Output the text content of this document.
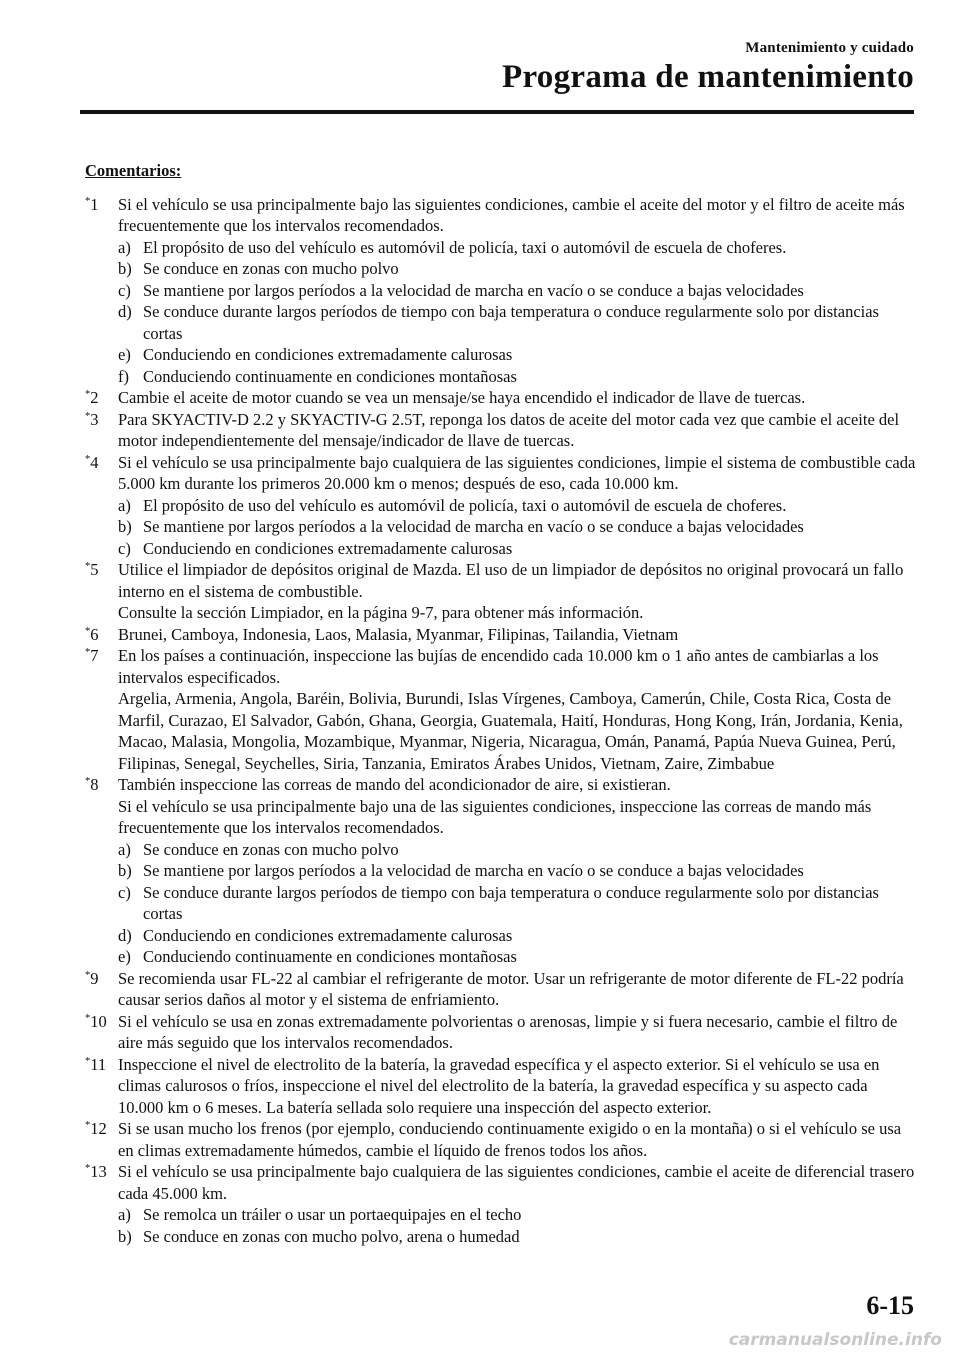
Mantenimiento y cuidado
Programa de mantenimiento
Comentarios:
*1	Si el vehículo se usa principalmente bajo las siguientes condiciones, cambie el aceite del motor y el filtro de aceite más frecuentemente que los intervalos recomendados.
a) El propósito de uso del vehículo es automóvil de policía, taxi o automóvil de escuela de choferes.
b) Se conduce en zonas con mucho polvo
c) Se mantiene por largos períodos a la velocidad de marcha en vacío o se conduce a bajas velocidades
d) Se conduce durante largos períodos de tiempo con baja temperatura o conduce regularmente solo por distancias cortas
e) Conduciendo en condiciones extremadamente calurosas
f) Conduciendo continuamente en condiciones montañosas
*2	Cambie el aceite de motor cuando se vea un mensaje/se haya encendido el indicador de llave de tuercas.
*3	Para SKYACTIV-D 2.2 y SKYACTIV-G 2.5T, reponga los datos de aceite del motor cada vez que cambie el aceite del motor independientemente del mensaje/indicador de llave de tuercas.
*4	Si el vehículo se usa principalmente bajo cualquiera de las siguientes condiciones, limpie el sistema de combustible cada 5.000 km durante los primeros 20.000 km o menos; después de eso, cada 10.000 km.
a) El propósito de uso del vehículo es automóvil de policía, taxi o automóvil de escuela de choferes.
b) Se mantiene por largos períodos a la velocidad de marcha en vacío o se conduce a bajas velocidades
c) Conduciendo en condiciones extremadamente calurosas
*5	Utilice el limpiador de depósitos original de Mazda. El uso de un limpiador de depósitos no original provocará un fallo interno en el sistema de combustible.
Consulte la sección Limpiador, en la página 9-7, para obtener más información.
*6	Brunei, Camboya, Indonesia, Laos, Malasia, Myanmar, Filipinas, Tailandia, Vietnam
*7	En los países a continuación, inspeccione las bujías de encendido cada 10.000 km o 1 año antes de cambiarlas a los intervalos especificados.
Argelia, Armenia, Angola, Baréin, Bolivia, Burundi, Islas Vírgenes, Camboya, Camerún, Chile, Costa Rica, Costa de Marfil, Curazao, El Salvador, Gabón, Ghana, Georgia, Guatemala, Haití, Honduras, Hong Kong, Irán, Jordania, Kenia, Macao, Malasia, Mongolia, Mozambique, Myanmar, Nigeria, Nicaragua, Omán, Panamá, Papúa Nueva Guinea, Perú, Filipinas, Senegal, Seychelles, Siria, Tanzania, Emiratos Árabes Unidos, Vietnam, Zaire, Zimbabue
*8	También inspeccione las correas de mando del acondicionador de aire, si existieran.
Si el vehículo se usa principalmente bajo una de las siguientes condiciones, inspeccione las correas de mando más frecuentemente que los intervalos recomendados.
a) Se conduce en zonas con mucho polvo
b) Se mantiene por largos períodos a la velocidad de marcha en vacío o se conduce a bajas velocidades
c) Se conduce durante largos períodos de tiempo con baja temperatura o conduce regularmente solo por distancias cortas
d) Conduciendo en condiciones extremadamente calurosas
e) Conduciendo continuamente en condiciones montañosas
*9	Se recomienda usar FL-22 al cambiar el refrigerante de motor. Usar un refrigerante de motor diferente de FL-22 podría causar serios daños al motor y el sistema de enfriamiento.
*10 Si el vehículo se usa en zonas extremadamente polvorientas o arenosas, limpie y si fuera necesario, cambie el filtro de aire más seguido que los intervalos recomendados.
*11 Inspeccione el nivel de electrolito de la batería, la gravedad específica y el aspecto exterior. Si el vehículo se usa en climas calurosos o fríos, inspeccione el nivel del electrolito de la batería, la gravedad específica y su aspecto cada 10.000 km o 6 meses. La batería sellada solo requiere una inspección del aspecto exterior.
*12 Si se usan mucho los frenos (por ejemplo, conduciendo continuamente exigido o en la montaña) o si el vehículo se usa en climas extremadamente húmedos, cambie el líquido de frenos todos los años.
*13 Si el vehículo se usa principalmente bajo cualquiera de las siguientes condiciones, cambie el aceite de diferencial trasero cada 45.000 km.
a) Se remolca un tráiler o usar un portaequipajes en el techo
b) Se conduce en zonas con mucho polvo, arena o humedad
6-15
carmanualsonline.info
